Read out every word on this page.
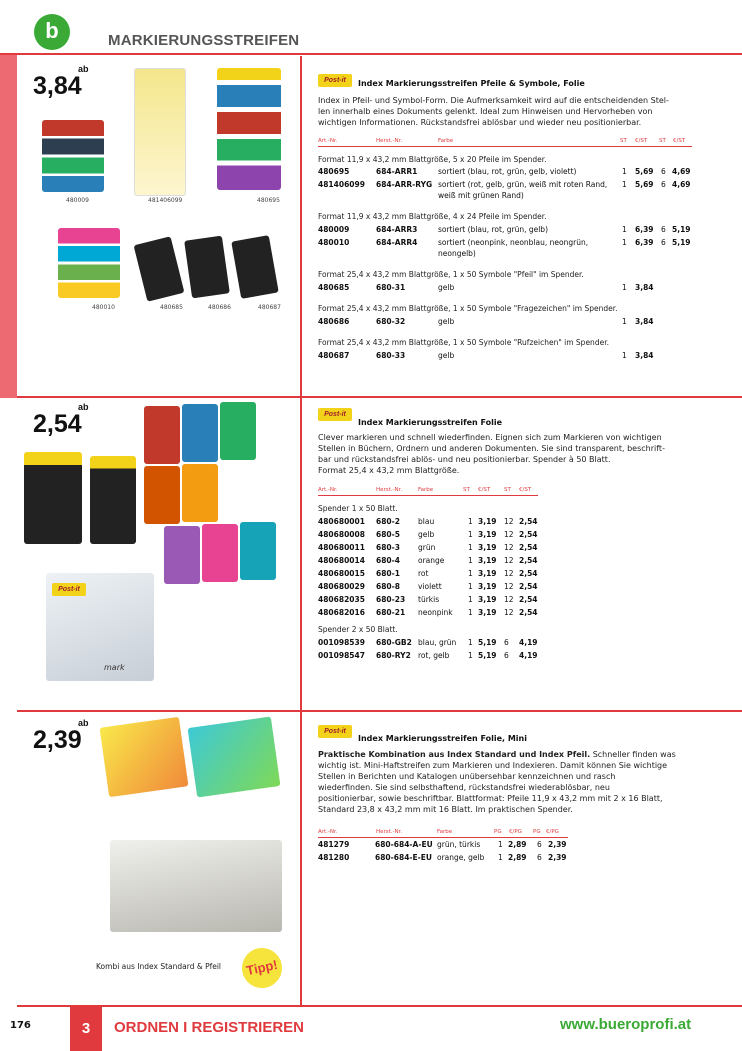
b	MARKIERUNGSSTREIFEN
ab
3,84
480009	481406099	480695
480010	480685	480686	480687
Post-it	Index Markierungsstreifen Pfeile & Symbole, Folie
Index in Pfeil- und Symbol-Form. Die Aufmerksamkeit wird auf die entscheidenden Stel-
len innerhalb eines Dokuments gelenkt. Ideal zum Hinweisen und Hervorheben von
wichtigen Informationen. Rückstandsfrei ablösbar und wieder neu positionierbar.
Art.-Nr.	Herst.-Nr.	Farbe	ST €/ST ST €/ST
Format 11,9 x 43,2 mm Blattgröße, 5 x 20 Pfeile im Spender.
480695	684-ARR1	sortiert (blau, rot, grün, gelb, violett)	1 5,69 6 4,69
481406099 684-ARR-RYG sortiert (rot, gelb, grün, weiß mit roten Rand,
weiß mit grünen Rand)
1 5,69 6 4,69
Format 11,9 x 43,2 mm Blattgröße, 4 x 24 Pfeile im Spender.
480009	684-ARR3	sortiert (blau, rot, grün, gelb)	1 6,39 6 5,19
480010	684-ARR4	sortiert (neonpink, neonblau, neongrün,
neongelb)
1 6,39 6 5,19
Format 25,4 x 43,2 mm Blattgröße, 1 x 50 Symbole "Pfeil" im Spender.
480685	680-31	gelb	1 3,84
Format 25,4 x 43,2 mm Blattgröße, 1 x 50 Symbole "Fragezeichen" im Spender.
480686	680-32	gelb	1 3,84
Format 25,4 x 43,2 mm Blattgröße, 1 x 50 Symbole "Rufzeichen" im Spender.
480687	680-33	gelb	1 3,84
ab
2,54
Post-it
mark
Post-it
Index Markierungsstreifen Folie
Clever markieren und schnell wiederfinden. Eignen sich zum Markieren von wichtigen
Stellen in Büchern, Ordnern und anderen Dokumenten. Sie sind transparent, beschrift-
bar und rückstandsfrei ablös- und neu positionierbar. Spender à 50 Blatt.
Format 25,4 x 43,2 mm Blattgröße.
Art.-Nr.	Herst.-Nr.	Farbe	ST €/ST	ST €/ST
Spender 1 x 50 Blatt.
480680001 680-2 blau	1 3,19 12 2,54
480680008 680-5 gelb	1 3,19 12 2,54
480680011 680-3 grün	1 3,19 12 2,54
480680014 680-4 orange	1 3,19 12 2,54
480680015 680-1 rot	1 3,19 12 2,54
480680029 680-8 violett	1 3,19 12 2,54
480682035 680-23 türkis	1 3,19 12 2,54
480682016 680-21 neonpink 1 3,19 12 2,54
Spender 2 x 50 Blatt.
001098539 680-GB2 blau, grün 1 5,19 6 4,19
001098547 680-RY2 rot, gelb 1 5,19 6 4,19
ab
2,39	Post-it
Index Markierungsstreifen Folie, Mini
Praktische Kombination aus Index Standard und Index Pfeil. Schneller finden was
wichtig ist. Mini-Haftstreifen zum Markieren und Indexieren. Damit können Sie wichtige
Stellen in Berichten und Katalogen unübersehbar kennzeichnen und rasch
wiederfinden. Sie sind selbsthaftend, rückstandsfrei wiederablösbar, neu
positionierbar, sowie beschriftbar. Blattformat: Pfeile 11,9 x 43,2 mm mit 2 x 16 Blatt,
Standard 23,8 x 43,2 mm mit 16 Blatt. Im praktischen Spender.
Art.-Nr.	Herst.-Nr.	Farbe	PG €/PG PG €/PG
481279	680-684-A-EU grün, türkis 1 2,89 6 2,39
481280	680-684-E-EU orange, gelb 1 2,89 6 2,39
Kombi aus Index Standard & Pfeil	Tipp!
176	3	ORDNEN I REGISTRIEREN	www.bueroprofi.at
